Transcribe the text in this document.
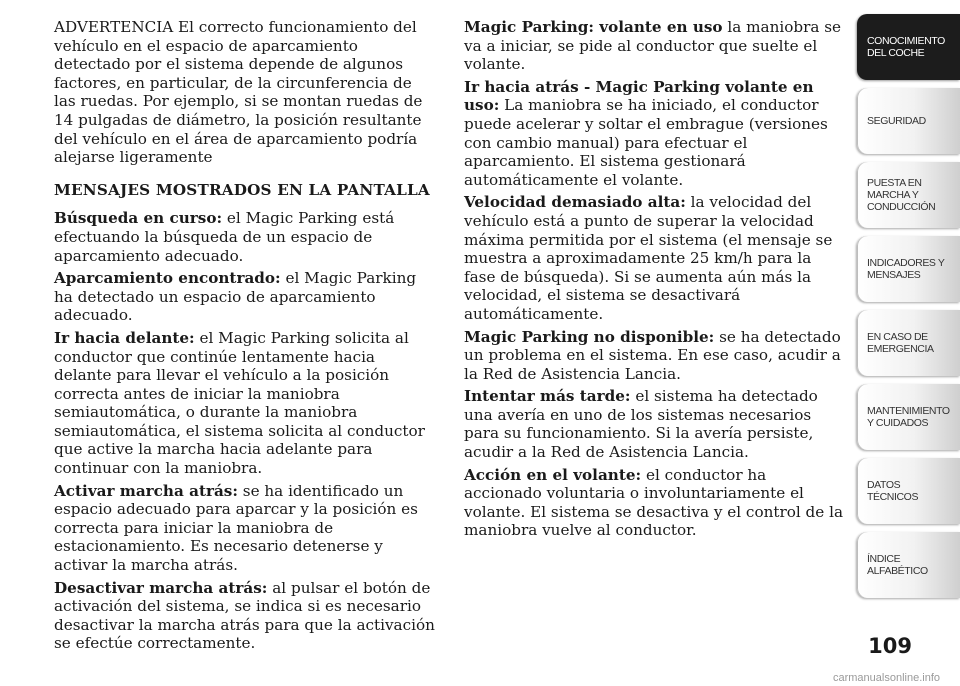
ADVERTENCIA El correcto funcionamiento del vehículo en el espacio de aparcamiento detectado por el sistema depende de algunos factores, en particular, de la circunferencia de las ruedas. Por ejemplo, si se montan ruedas de 14 pulgadas de diámetro, la posición resultante del vehículo en el área de aparcamiento podría alejarse ligeramente

MENSAJES MOSTRADOS EN LA PANTALLA

Búsqueda en curso: el Magic Parking está efectuando la búsqueda de un espacio de aparcamiento adecuado.

Aparcamiento encontrado: el Magic Parking ha detectado un espacio de aparcamiento adecuado.

Ir hacia delante: el Magic Parking solicita al conductor que continúe lentamente hacia delante para llevar el vehículo a la posición correcta antes de iniciar la maniobra semiautomática, o durante la maniobra semiautomática, el sistema solicita al conductor que active la marcha hacia adelante para continuar con la maniobra.

Activar marcha atrás: se ha identificado un espacio adecuado para aparcar y la posición es correcta para iniciar la maniobra de estacionamiento. Es necesario detenerse y activar la marcha atrás.

Desactivar marcha atrás: al pulsar el botón de activación del sistema, se indica si es necesario desactivar la marcha atrás para que la activación se efectúe correctamente.

Magic Parking: volante en uso la maniobra se va a iniciar, se pide al conductor que suelte el volante.

Ir hacia atrás - Magic Parking volante en uso: La maniobra se ha iniciado, el conductor puede acelerar y soltar el embrague (versiones con cambio manual) para efectuar el aparcamiento. El sistema gestionará automáticamente el volante.

Velocidad demasiado alta: la velocidad del vehículo está a punto de superar la velocidad máxima permitida por el sistema (el mensaje se muestra a aproximadamente 25 km/h para la fase de búsqueda). Si se aumenta aún más la velocidad, el sistema se desactivará automáticamente.

Magic Parking no disponible: se ha detectado un problema en el sistema. En ese caso, acudir a la Red de Asistencia Lancia.

Intentar más tarde: el sistema ha detectado una avería en uno de los sistemas necesarios para su funcionamiento. Si la avería persiste, acudir a la Red de Asistencia Lancia.

Acción en el volante: el conductor ha accionado voluntaria o involuntariamente el volante. El sistema se desactiva y el control de la maniobra vuelve al conductor.

CONOCIMIENTO DEL COCHE
SEGURIDAD
PUESTA EN MARCHA Y CONDUCCIÓN
INDICADORES Y MENSAJES
EN CASO DE EMERGENCIA
MANTENIMIENTO Y CUIDADOS
DATOS TÉCNICOS
ÍNDICE ALFABÉTICO
109
carmanualsonline.info
